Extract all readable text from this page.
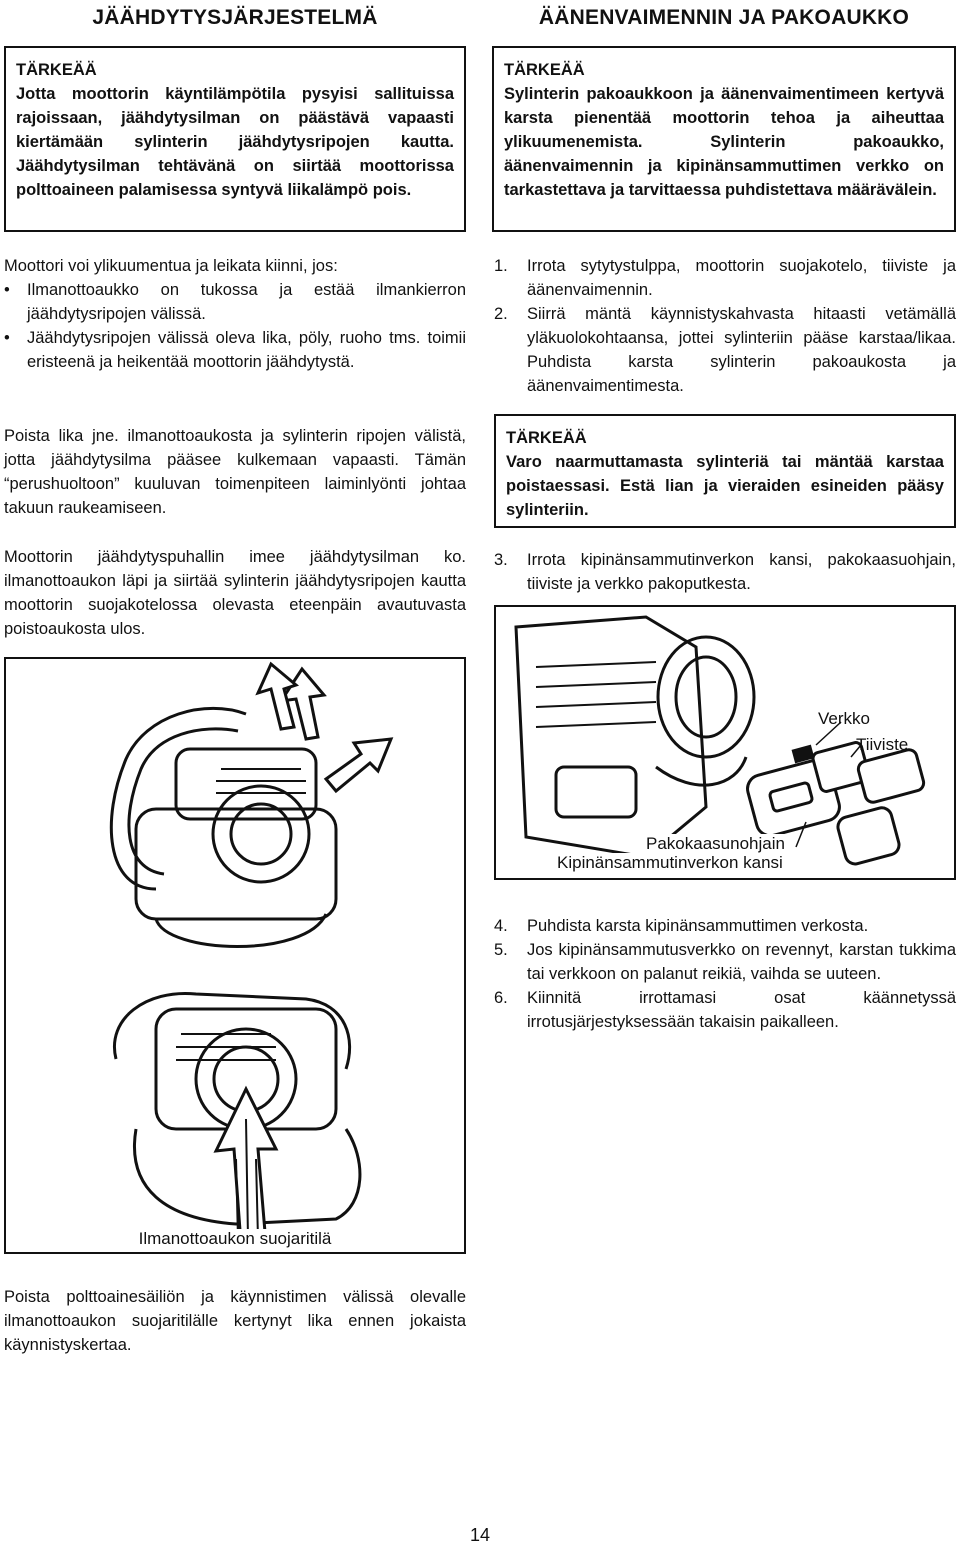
JÄÄHDYTYSJÄRJESTELMÄ
TÄRKEÄÄ
Jotta moottorin käyntilämpötila pysyisi sallituissa rajoissaan, jäähdytysilman on päästävä vapaasti kiertämään sylinterin jäähdytysripojen kautta. Jäähdytysilman tehtävänä on siirtää moottorissa polttoaineen palamisessa syntyvä liikalämpö pois.
Moottori voi ylikuumentua ja leikata kiinni, jos:
• Ilmanottoaukko on tukossa ja estää ilmankierron jäähdytysripojen välissä.
• Jäähdytysripojen välissä oleva lika, pöly, ruoho tms. toimii eristeenä ja heikentää moottorin jäähdytystä.
Poista lika jne. ilmanottoaukosta ja sylinterin ripojen välistä, jotta jäähdytysilma pääsee kulkemaan vapaasti. Tämän “perushuoltoon” kuuluvan toimenpiteen laiminlyönti johtaa takuun raukeamiseen.
Moottorin jäähdytyspuhallin imee jäähdytysilman ko. ilmanottoaukon läpi ja siirtää sylinterin jäähdytysripojen kautta moottorin suojakotelossa olevasta eteenpäin avautuvasta poistoaukosta ulos.
Ilmanottoaukon suojaritilä
Poista polttoainesäiliön ja käynnistimen välissä olevalle ilmanottoaukon suojaritilälle kertynyt lika ennen jokaista käynnistyskertaa.
ÄÄNENVAIMENNIN JA PAKOAUKKO
TÄRKEÄÄ
Sylinterin pakoaukkoon ja äänenvaimentimeen kertyvä karsta pienentää moottorin tehoa ja aiheuttaa ylikuumenemista. Sylinterin pakoaukko, äänenvaimennin ja kipinänsammuttimen verkko on tarkastettava ja tarvittaessa puhdistettava määrävälein.
1. Irrota sytytystulppa, moottorin suojakotelo, tiiviste ja äänenvaimennin.
2. Siirrä mäntä käynnistyskahvasta hitaasti vetämällä yläkuolokohtaansa, jottei sylinteriin pääse karstaa/likaa. Puhdista karsta sylinterin pakoaukosta ja äänenvaimentimesta.
TÄRKEÄÄ
Varo naarmuttamasta sylinteriä tai mäntää karstaa poistaessasi. Estä lian ja vieraiden esineiden pääsy sylinteriin.
3. Irrota kipinänsammutinverkon kansi, pakokaasuohjain, tiiviste ja verkko pakoputkesta.
Verkko
Tiiviste
Pakokaasunohjain
Kipinänsammutinverkon kansi
4. Puhdista karsta kipinänsammuttimen verkosta.
5. Jos kipinänsammutusverkko on revennyt, karstan tukkima tai verkkoon on palanut reikiä, vaihda se uuteen.
6. Kiinnitä irrottamasi osat käännetyssä irrotusjärjestyksessään takaisin paikalleen.
14
